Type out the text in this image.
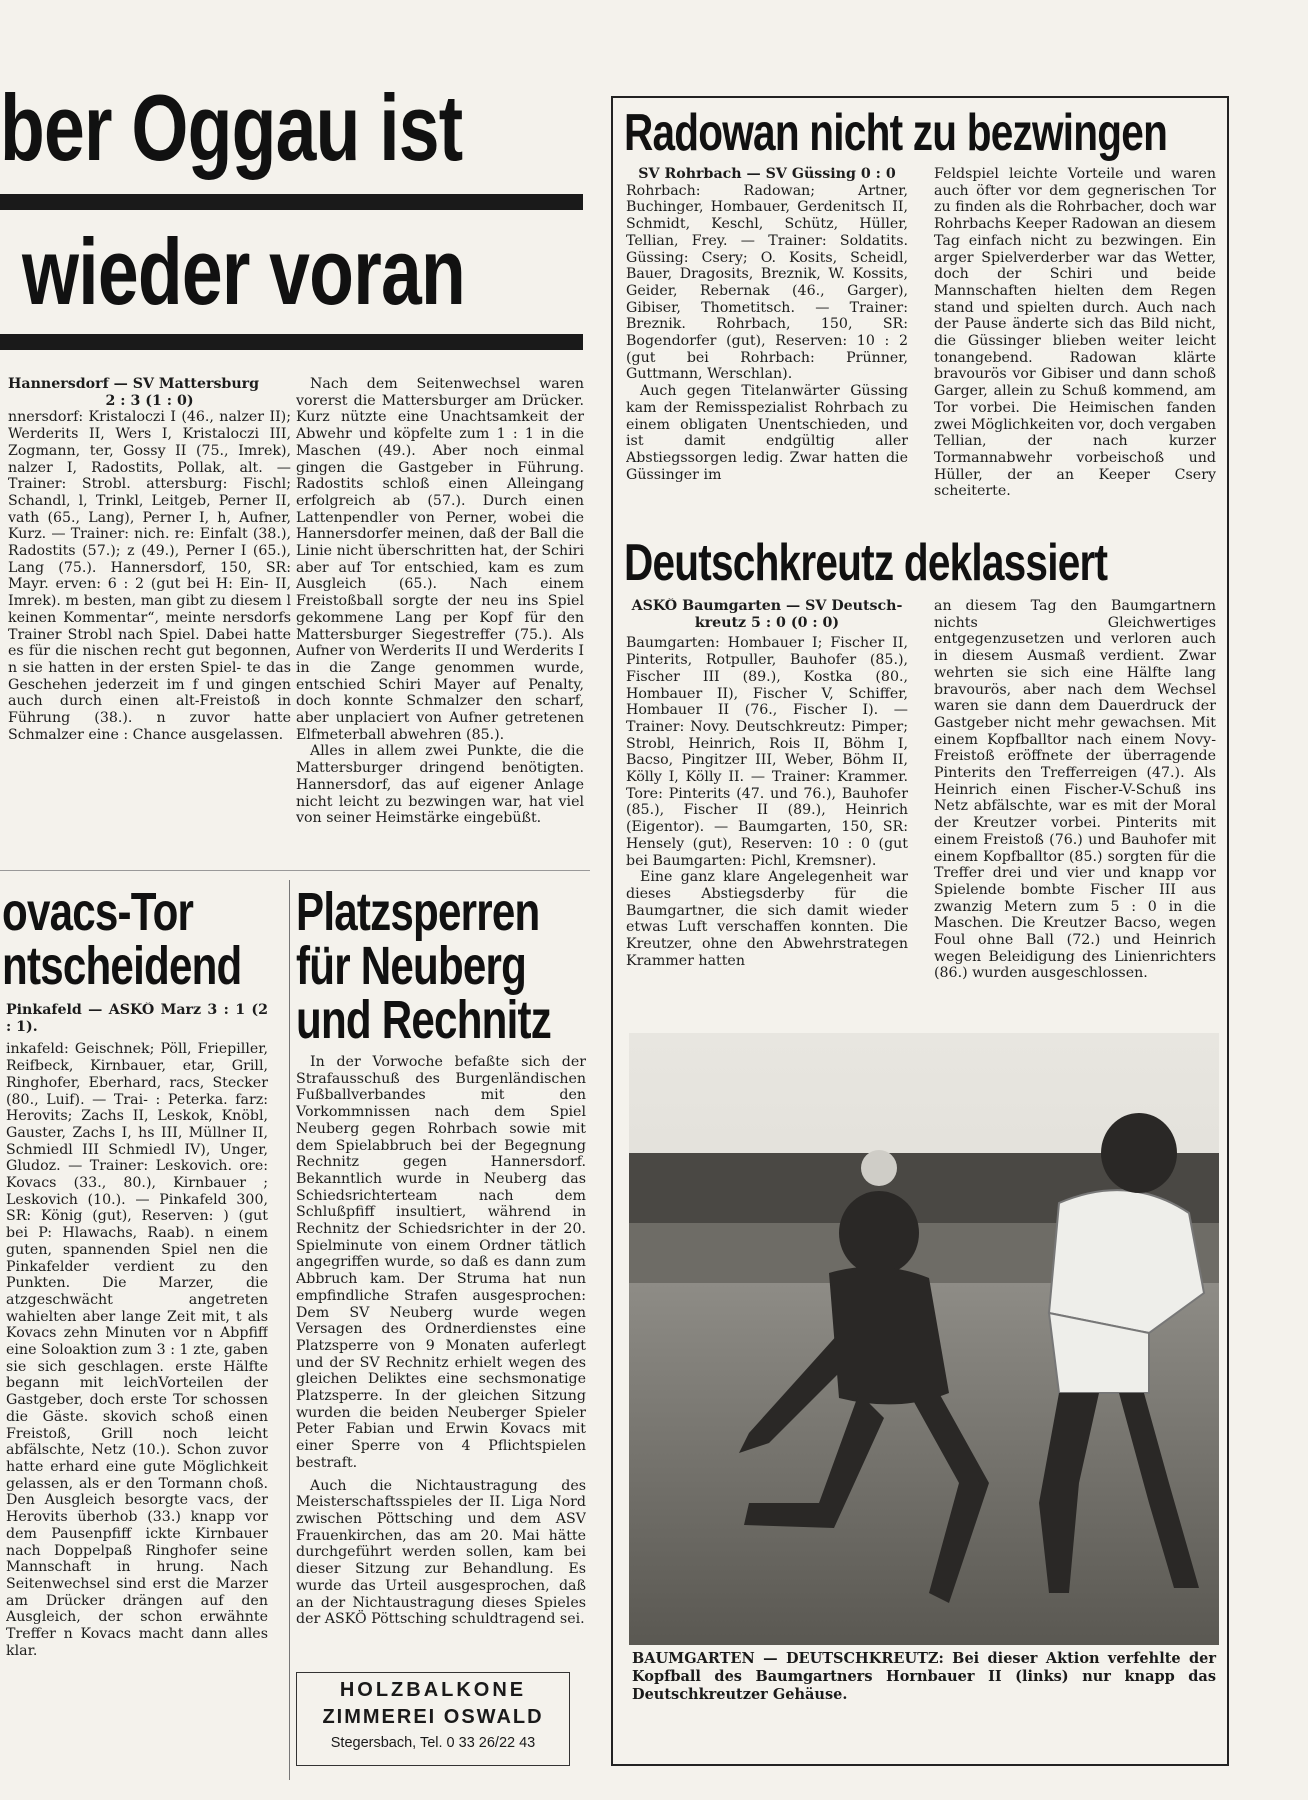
ber Oggau ist
wieder voran

Hannersdorf — SV Mattersburg

2 : 3 (1 : 0)

nnersdorf: Kristaloczi I (46., nalzer II); Werderits II, Wers I, Kristaloczi III, Zogmann, ter, Gossy II (75., Imrek), nalzer I, Radostits, Pollak, alt. — Trainer: Strobl. attersburg: Fischl; Schandl, l, Trinkl, Leitgeb, Perner II, vath (65., Lang), Perner I, h, Aufner, Kurz. — Trainer: nich. re: Einfalt (38.), Radostits (57.); z (49.), Perner I (65.), Lang (75.). Hannersdorf, 150, SR: Mayr. erven: 6 : 2 (gut bei H: Ein- II, Imrek). m besten, man gibt zu diesem l keinen Kommentar“, meinte nersdorfs Trainer Strobl nach Spiel. Dabei hatte es für die nischen recht gut begonnen, n sie hatten in der ersten Spiel- te das Geschehen jederzeit im f und gingen auch durch einen alt-Freistoß in Führung (38.). n zuvor hatte Schmalzer eine : Chance ausgelassen.

Nach dem Seitenwechsel waren vorerst die Mattersburger am Drücker. Kurz nützte eine Unachtsamkeit der Abwehr und köpfelte zum 1 : 1 in die Maschen (49.). Aber noch einmal gingen die Gastgeber in Führung. Radostits schloß einen Alleingang erfolgreich ab (57.). Durch einen Lattenpendler von Perner, wobei die Hannersdorfer meinen, daß der Ball die Linie nicht überschritten hat, der Schiri aber auf Tor entschied, kam es zum Ausgleich (65.). Nach einem Freistoßball sorgte der neu ins Spiel gekommene Lang per Kopf für den Mattersburger Siegestreffer (75.). Als Aufner von Werderits II und Werderits I in die Zange genommen wurde, entschied Schiri Mayer auf Penalty, doch konnte Schmalzer den scharf, aber unplaciert von Aufner getretenen Elfmeterball abwehren (85.).

Alles in allem zwei Punkte, die die Mattersburger dringend benötigten. Hannersdorf, das auf eigener Anlage nicht leicht zu bezwingen war, hat viel von seiner Heimstärke eingebüßt.

ovacs-Tor
ntscheidend

Pinkafeld — ASKÖ Marz 3 : 1 (2 : 1).

inkafeld: Geischnek; Pöll, Friepiller, Reifbeck, Kirnbauer, etar, Grill, Ringhofer, Eberhard, racs, Stecker (80., Luif). — Trai- : Peterka. farz: Herovits; Zachs II, Leskok, Knöbl, Gauster, Zachs I, hs III, Müllner II, Schmiedl III Schmiedl IV), Unger, Gludoz. — Trainer: Leskovich. ore: Kovacs (33., 80.), Kirnbauer ; Leskovich (10.). — Pinkafeld 300, SR: König (gut), Reserven: ) (gut bei P: Hlawachs, Raab). n einem guten, spannenden Spiel nen die Pinkafelder verdient zu den Punkten. Die Marzer, die atzgeschwächt angetreten wahielten aber lange Zeit mit, t als Kovacs zehn Minuten vor n Abpfiff eine Soloaktion zum 3 : 1 zte, gaben sie sich geschlagen. erste Hälfte begann mit leichVorteilen der Gastgeber, doch erste Tor schossen die Gäste. skovich schoß einen Freistoß, Grill noch leicht abfälschte, Netz (10.). Schon zuvor hatte erhard eine gute Möglichkeit gelassen, als er den Tormann choß. Den Ausgleich besorgte vacs, der Herovits überhob (33.) knapp vor dem Pausenpfiff ickte Kirnbauer nach Doppelpaß Ringhofer seine Mannschaft in hrung. Nach Seitenwechsel sind erst die Marzer am Drücker drängen auf den Ausgleich, der schon erwähnte Treffer n Kovacs macht dann alles klar.

Platzsperren
für Neuberg
und Rechnitz

In der Vorwoche befaßte sich der Strafausschuß des Burgenländischen Fußballverbandes mit den Vorkommnissen nach dem Spiel Neuberg gegen Rohrbach sowie mit dem Spielabbruch bei der Begegnung Rechnitz gegen Hannersdorf. Bekanntlich wurde in Neuberg das Schiedsrichterteam nach dem Schlußpfiff insultiert, während in Rechnitz der Schiedsrichter in der 20. Spielminute von einem Ordner tätlich angegriffen wurde, so daß es dann zum Abbruch kam. Der Struma hat nun empfindliche Strafen ausgesprochen: Dem SV Neuberg wurde wegen Versagen des Ordnerdienstes eine Platzsperre von 9 Monaten auferlegt und der SV Rechnitz erhielt wegen des gleichen Deliktes eine sechsmonatige Platzsperre. In der gleichen Sitzung wurden die beiden Neuberger Spieler Peter Fabian und Erwin Kovacs mit einer Sperre von 4 Pflichtspielen bestraft.

Auch die Nichtaustragung des Meisterschaftsspieles der II. Liga Nord zwischen Pöttsching und dem ASV Frauenkirchen, das am 20. Mai hätte durchgeführt werden sollen, kam bei dieser Sitzung zur Behandlung. Es wurde das Urteil ausgesprochen, daß an der Nichtaustragung dieses Spieles der ASKÖ Pöttsching schuldtragend sei.

HOLZBALKONE
ZIMMEREI OSWALD
Stegersbach, Tel. 0 33 26/22 43
Radowan nicht zu bezwingen

SV Rohrbach — SV Güssing 0 : 0

Rohrbach: Radowan; Artner, Buchinger, Hombauer, Gerdenitsch II, Schmidt, Keschl, Schütz, Hüller, Tellian, Frey. — Trainer: Soldatits. Güssing: Csery; O. Kosits, Scheidl, Bauer, Dragosits, Breznik, W. Kossits, Geider, Rebernak (46., Garger), Gibiser, Thometitsch. — Trainer: Breznik. Rohrbach, 150, SR: Bogendorfer (gut), Reserven: 10 : 2 (gut bei Rohrbach: Prünner, Guttmann, Werschlan).

Auch gegen Titelanwärter Güssing kam der Remisspezialist Rohrbach zu einem obligaten Unentschieden, und ist damit endgültig aller Abstiegssorgen ledig. Zwar hatten die Güssinger im

Feldspiel leichte Vorteile und waren auch öfter vor dem gegnerischen Tor zu finden als die Rohrbacher, doch war Rohrbachs Keeper Radowan an diesem Tag einfach nicht zu bezwingen. Ein arger Spielverderber war das Wetter, doch der Schiri und beide Mannschaften hielten dem Regen stand und spielten durch. Auch nach der Pause änderte sich das Bild nicht, die Güssinger blieben weiter leicht tonangebend. Radowan klärte bravourös vor Gibiser und dann schoß Garger, allein zu Schuß kommend, am Tor vorbei. Die Heimischen fanden zwei Möglichkeiten vor, doch vergaben Tellian, der nach kurzer Tormannabwehr vorbeischoß und Hüller, der an Keeper Csery scheiterte.

Deutschkreutz deklassiert

ASKÖ Baumgarten — SV Deutsch-

kreutz 5 : 0 (0 : 0)

Baumgarten: Hombauer I; Fischer II, Pinterits, Rotpuller, Bauhofer (85.), Fischer III (89.), Kostka (80., Hombauer II), Fischer V, Schiffer, Hombauer II (76., Fischer I). — Trainer: Novy. Deutschkreutz: Pimper; Strobl, Heinrich, Rois II, Böhm I, Bacso, Pingitzer III, Weber, Böhm II, Kölly I, Kölly II. — Trainer: Krammer. Tore: Pinterits (47. und 76.), Bauhofer (85.), Fischer II (89.), Heinrich (Eigentor). — Baumgarten, 150, SR: Hensely (gut), Reserven: 10 : 0 (gut bei Baumgarten: Pichl, Kremsner).

Eine ganz klare Angelegenheit war dieses Abstiegsderby für die Baumgartner, die sich damit wieder etwas Luft verschaffen konnten. Die Kreutzer, ohne den Abwehrstrategen Krammer hatten

an diesem Tag den Baumgartnern nichts Gleichwertiges entgegenzusetzen und verloren auch in diesem Ausmaß verdient. Zwar wehrten sie sich eine Hälfte lang bravourös, aber nach dem Wechsel waren sie dann dem Dauerdruck der Gastgeber nicht mehr gewachsen. Mit einem Kopfballtor nach einem Novy-Freistoß eröffnete der überragende Pinterits den Trefferreigen (47.). Als Heinrich einen Fischer-V-Schuß ins Netz abfälschte, war es mit der Moral der Kreutzer vorbei. Pinterits mit einem Freistoß (76.) und Bauhofer mit einem Kopfballtor (85.) sorgten für die Treffer drei und vier und knapp vor Spielende bombte Fischer III aus zwanzig Metern zum 5 : 0 in die Maschen. Die Kreutzer Bacso, wegen Foul ohne Ball (72.) und Heinrich wegen Beleidigung des Linienrichters (86.) wurden ausgeschlossen.

BAUMGARTEN — DEUTSCHKREUTZ: Bei dieser Aktion verfehlte der Kopfball des Baumgartners Hornbauer II (links) nur knapp das Deutschkreutzer Gehäuse.
